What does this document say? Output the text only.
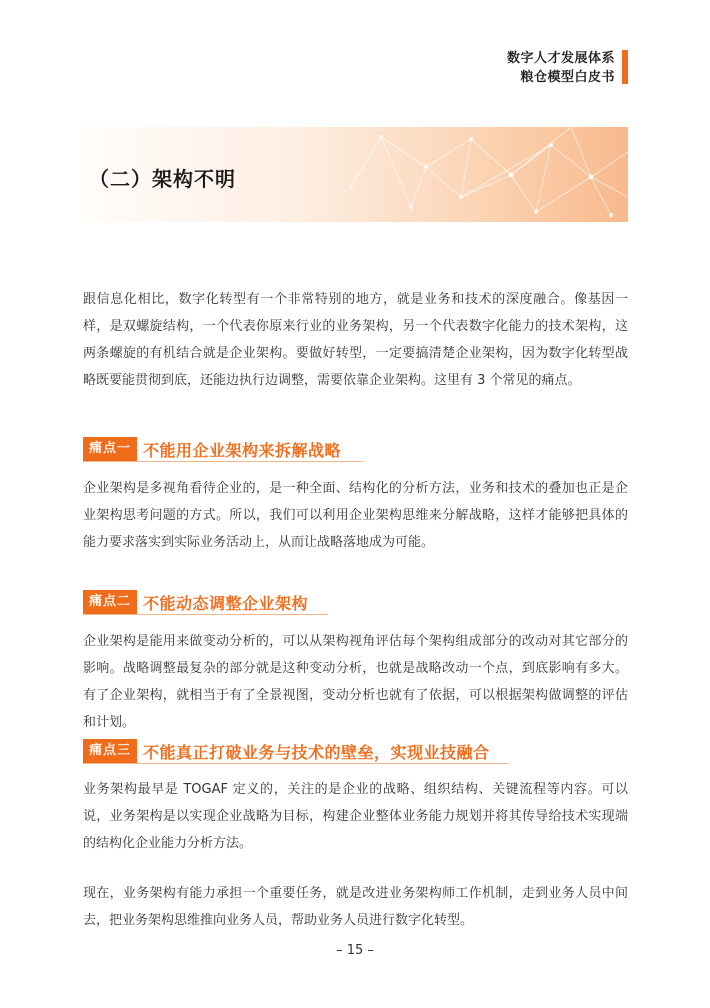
数字人才发展体系
粮仓模型白皮书
（二）架构不明

跟信息化相比，数字化转型有一个非常特别的地方，就是业务和技术的深度融合。像基因一样，是双螺旋结构，一个代表你原来行业的业务架构，另一个代表数字化能力的技术架构，这两条螺旋的有机结合就是企业架构。要做好转型，一定要搞清楚企业架构，因为数字化转型战略既要能贯彻到底，还能边执行边调整，需要依靠企业架构。这里有 3 个常见的痛点。

痛点一 不能用企业架构来拆解战略

企业架构是多视角看待企业的，是一种全面、结构化的分析方法，业务和技术的叠加也正是企业架构思考问题的方式。所以，我们可以利用企业架构思维来分解战略，这样才能够把具体的能力要求落实到实际业务活动上，从而让战略落地成为可能。

痛点二 不能动态调整企业架构

企业架构是能用来做变动分析的，可以从架构视角评估每个架构组成部分的改动对其它部分的影响。战略调整最复杂的部分就是这种变动分析，也就是战略改动一个点，到底影响有多大。有了企业架构，就相当于有了全景视图，变动分析也就有了依据，可以根据架构做调整的评估和计划。

痛点三 不能真正打破业务与技术的壁垒，实现业技融合

业务架构最早是 TOGAF 定义的，关注的是企业的战略、组织结构、关键流程等内容。可以说，业务架构是以实现企业战略为目标，构建企业整体业务能力规划并将其传导给技术实现端的结构化企业能力分析方法。

现在，业务架构有能力承担一个重要任务，就是改进业务架构师工作机制，走到业务人员中间去，把业务架构思维推向业务人员，帮助业务人员进行数字化转型。

– 15 –
